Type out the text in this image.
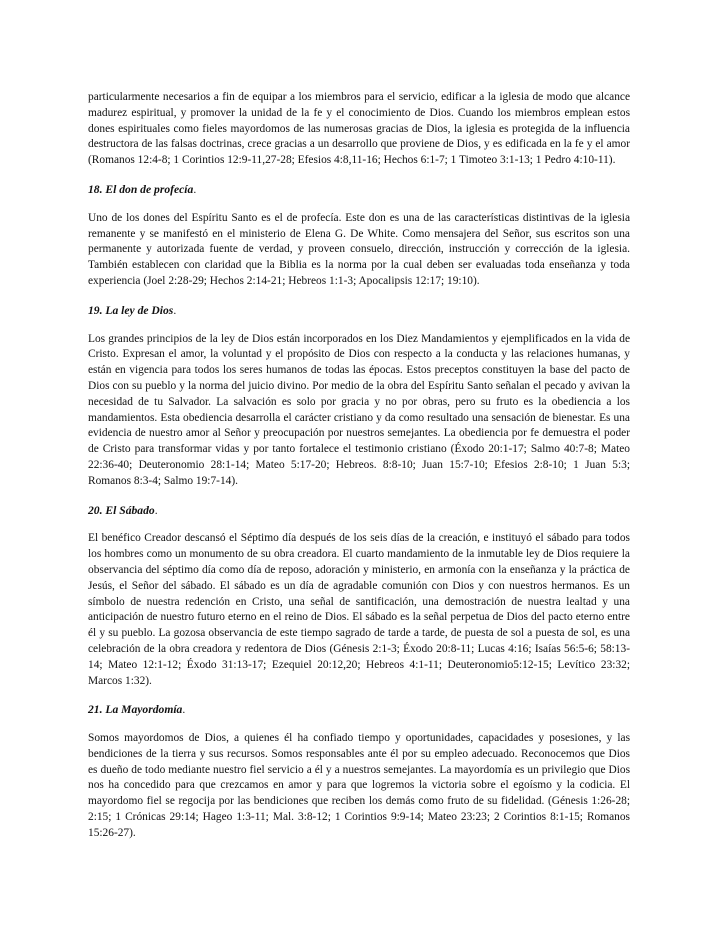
particularmente necesarios a fin de equipar a los miembros para el servicio, edificar a la iglesia de modo que alcance madurez espiritual, y promover la unidad de la fe y el conocimiento de Dios. Cuando los miembros emplean estos dones espirituales como fieles mayordomos de las numerosas gracias de Dios, la iglesia es protegida de la influencia destructora de las falsas doctrinas, crece gracias a un desarrollo que proviene de Dios, y es edificada en la fe y el amor (Romanos 12:4-8; 1 Corintios 12:9-11,27-28; Efesios 4:8,11-16; Hechos 6:1-7; 1 Timoteo 3:1-13; 1 Pedro 4:10-11).

18. El don de profecía.

Uno de los dones del Espíritu Santo es el de profecía. Este don es una de las características distintivas de la iglesia remanente y se manifestó en el ministerio de Elena G. De White. Como mensajera del Señor, sus escritos son una permanente y autorizada fuente de verdad, y proveen consuelo, dirección, instrucción y corrección de la iglesia. También establecen con claridad que la Biblia es la norma por la cual deben ser evaluadas toda enseñanza y toda experiencia (Joel 2:28-29; Hechos 2:14-21; Hebreos 1:1-3; Apocalipsis 12:17; 19:10).

19. La ley de Dios.

Los grandes principios de la ley de Dios están incorporados en los Diez Mandamientos y ejemplificados en la vida de Cristo. Expresan el amor, la voluntad y el propósito de Dios con respecto a la conducta y las relaciones humanas, y están en vigencia para todos los seres humanos de todas las épocas. Estos preceptos constituyen la base del pacto de Dios con su pueblo y la norma del juicio divino. Por medio de la obra del Espíritu Santo señalan el pecado y avivan la necesidad de tu Salvador. La salvación es solo por gracia y no por obras, pero su fruto es la obediencia a los mandamientos. Esta obediencia desarrolla el carácter cristiano y da como resultado una sensación de bienestar. Es una evidencia de nuestro amor al Señor y preocupación por nuestros semejantes. La obediencia por fe demuestra el poder de Cristo para transformar vidas y por tanto fortalece el testimonio cristiano (Éxodo 20:1-17; Salmo 40:7-8; Mateo 22:36-40; Deuteronomio 28:1-14; Mateo 5:17-20; Hebreos. 8:8-10; Juan 15:7-10; Efesios 2:8-10; 1 Juan 5:3; Romanos 8:3-4; Salmo 19:7-14).

20. El Sábado.

El benéfico Creador descansó el Séptimo día después de los seis días de la creación, e instituyó el sábado para todos los hombres como un monumento de su obra creadora. El cuarto mandamiento de la inmutable ley de Dios requiere la observancia del séptimo día como día de reposo, adoración y ministerio, en armonía con la enseñanza y la práctica de Jesús, el Señor del sábado. El sábado es un día de agradable comunión con Dios y con nuestros hermanos. Es un símbolo de nuestra redención en Cristo, una señal de santificación, una demostración de nuestra lealtad y una anticipación de nuestro futuro eterno en el reino de Dios. El sábado es la señal perpetua de Dios del pacto eterno entre él y su pueblo. La gozosa observancia de este tiempo sagrado de tarde a tarde, de puesta de sol a puesta de sol, es una celebración de la obra creadora y redentora de Dios (Génesis 2:1-3; Éxodo 20:8-11; Lucas 4:16; Isaías 56:5-6; 58:13-14; Mateo 12:1-12; Éxodo 31:13-17; Ezequiel 20:12,20; Hebreos 4:1-11; Deuteronomio5:12-15; Levítico 23:32; Marcos 1:32).

21. La Mayordomía.

Somos mayordomos de Dios, a quienes él ha confiado tiempo y oportunidades, capacidades y posesiones, y las bendiciones de la tierra y sus recursos. Somos responsables ante él por su empleo adecuado. Reconocemos que Dios es dueño de todo mediante nuestro fiel servicio a él y a nuestros semejantes. La mayordomía es un privilegio que Dios nos ha concedido para que crezcamos en amor y para que logremos la victoria sobre el egoísmo y la codicia. El mayordomo fiel se regocija por las bendiciones que reciben los demás como fruto de su fidelidad. (Génesis 1:26-28; 2:15; 1 Crónicas 29:14; Hageo 1:3-11; Mal. 3:8-12; 1 Corintios 9:9-14; Mateo 23:23; 2 Corintios 8:1-15; Romanos 15:26-27).
